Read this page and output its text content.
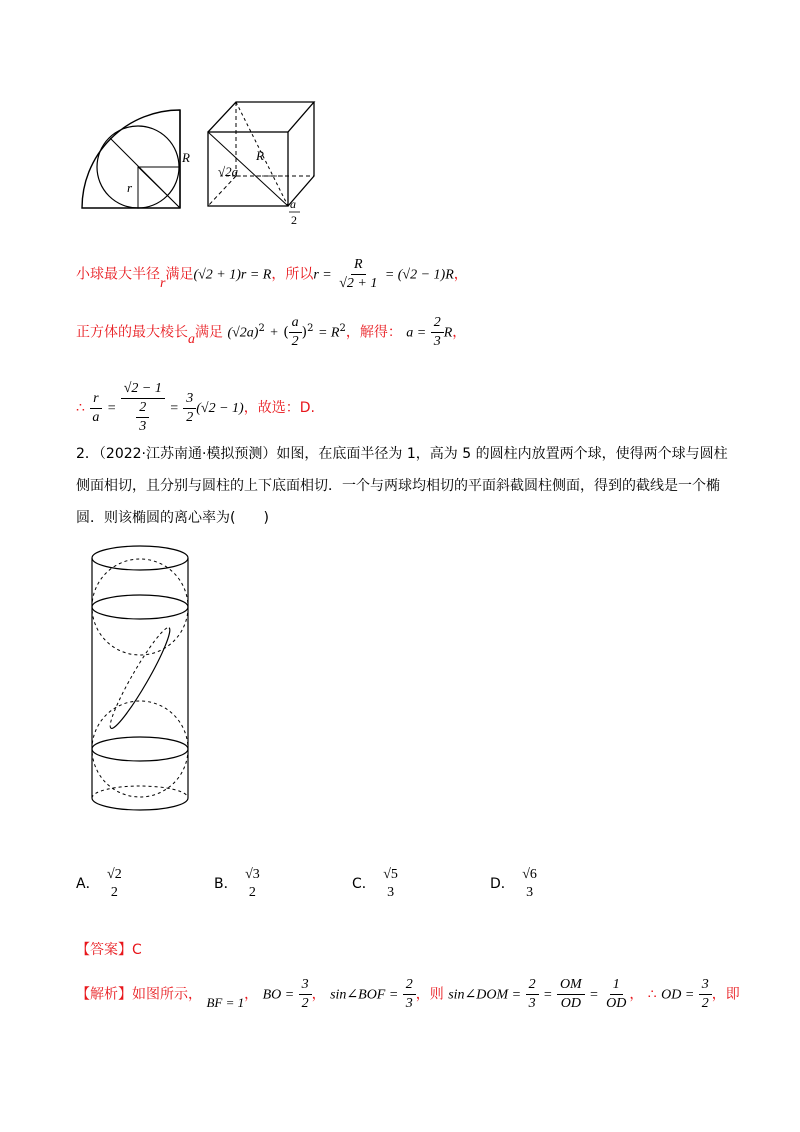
R
r
R
√2a
a
2
小球最大半径r满足(√2 + 1)r = R，所以$r = \frac{R}{√2 + 1} = (√2 - 1)R$，
正方体的最大棱长a满足 $(√2a)^2$ + ( $\frac{a}{2} )^2 = R^2$，解得： $a = \frac{2}{3}$ R，
∴ $\frac{r}{a} = \frac{√2 - 1}{\frac{2}{3}} = \frac{3}{2} (√2 - 1)$，故选：D.
2．（2022·江苏南通·模拟预测）如图，在底面半径为 1，高为 5 的圆柱内放置两个球，使得两个球与圆柱
侧面相切，且分别与圆柱的上下底面相切．一个与两球均相切的平面斜截圆柱侧面，得到的截线是一个椭
圆．则该椭圆的离心率为(　　)
A．
√2
2
B．
√3
2
C．
√5
3
D．
√6
3
【答案】C
【解析】如图所示， BF = 1， BO = $\frac{3}{2}$ ， sin∠BOF = $\frac{2}{3}$ ，则 sin∠DOM = $\frac{2}{3} = \frac{OM}{OD} = \frac{1}{OD}$ ， ∴ OD = $\frac{3}{2}$ ，即
